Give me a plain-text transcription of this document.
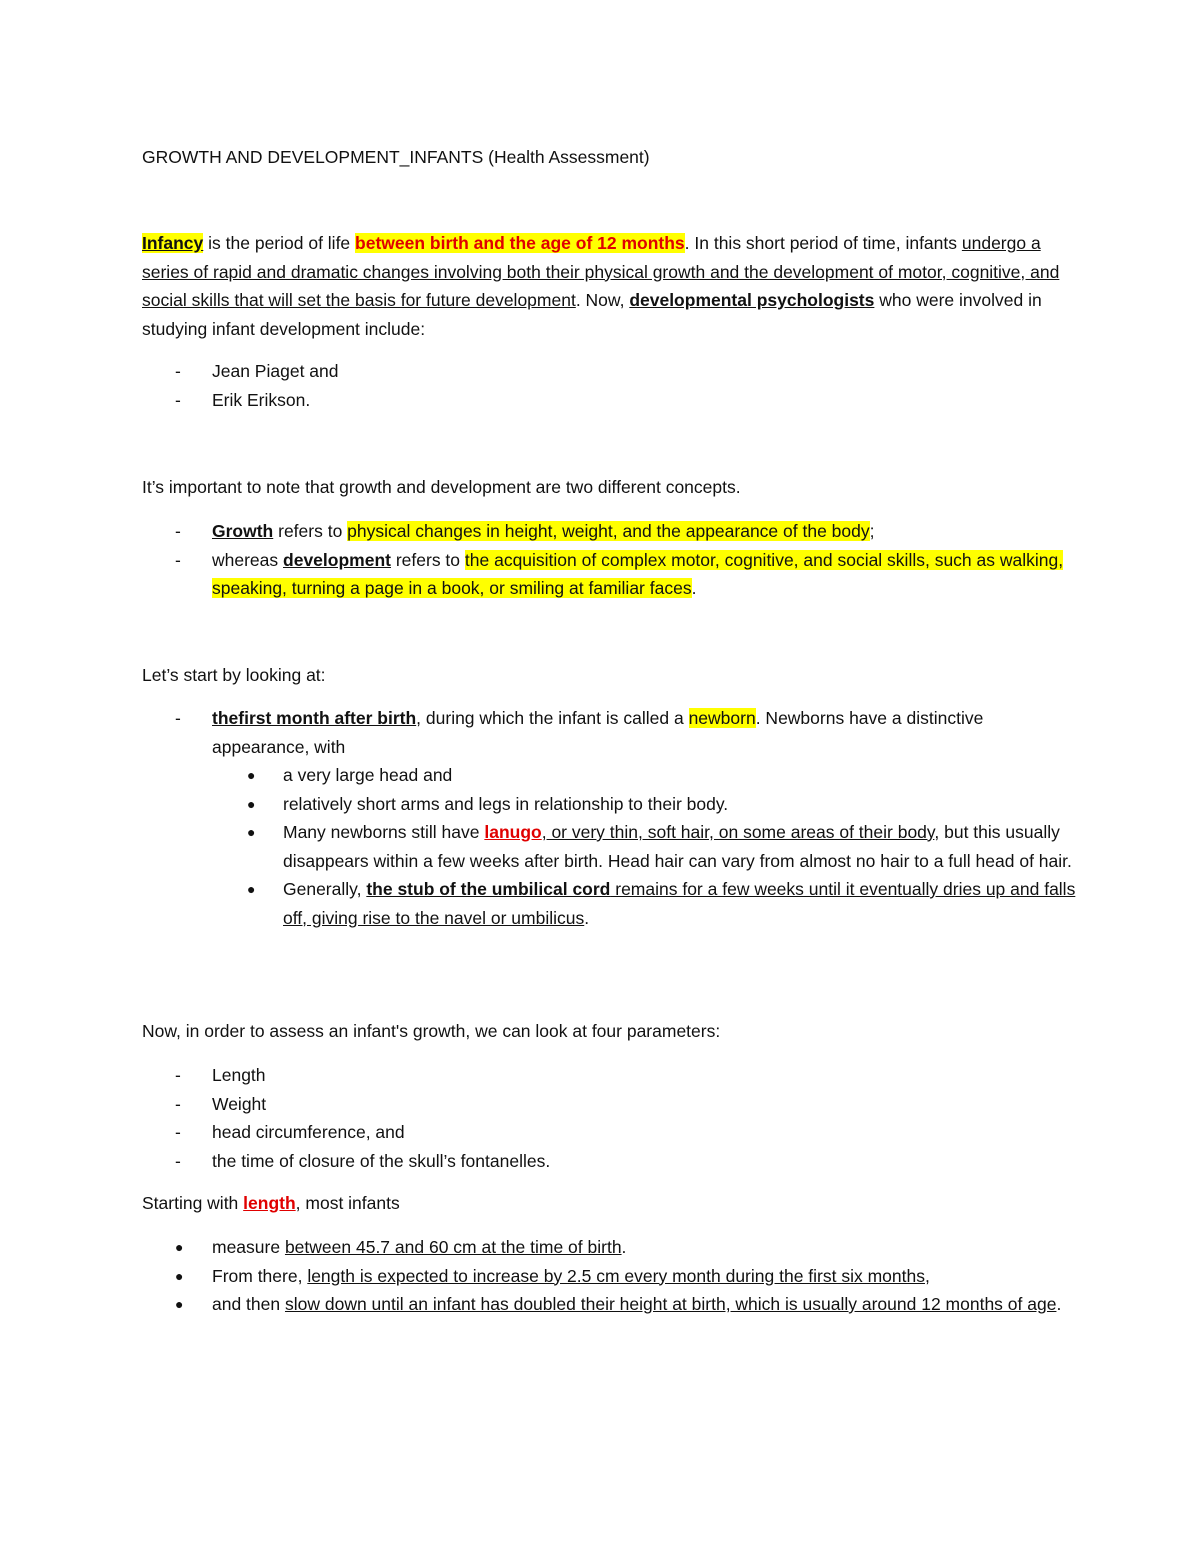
GROWTH AND DEVELOPMENT_INFANTS (Health Assessment)

Infancy is the period of life between birth and the age of 12 months. In this short period of time, infants undergo a series of rapid and dramatic changes involving both their physical growth and the development of motor, cognitive, and social skills that will set the basis for future development. Now, developmental psychologists who were involved in studying infant development include:

- Jean Piaget and
- Erik Erikson.

It’s important to note that growth and development are two different concepts.

- Growth refers to physical changes in height, weight, and the appearance of the body;
- whereas development refers to the acquisition of complex motor, cognitive, and social skills, such as walking, speaking, turning a page in a book, or smiling at familiar faces.

Let’s start by looking at:

- thefirst month after birth, during which the infant is called a newborn. Newborns have a distinctive appearance, with
● a very large head and
● relatively short arms and legs in relationship to their body.
● Many newborns still have lanugo, or very thin, soft hair, on some areas of their body, but this usually disappears within a few weeks after birth. Head hair can vary from almost no hair to a full head of hair.
● Generally, the stub of the umbilical cord remains for a few weeks until it eventually dries up and falls off, giving rise to the navel or umbilicus.

Now, in order to assess an infant's growth, we can look at four parameters:

- Length
- Weight
- head circumference, and
- the time of closure of the skull’s fontanelles.

Starting with length, most infants

● measure between 45.7 and 60 cm at the time of birth.
● From there, length is expected to increase by 2.5 cm every month during the first six months,
● and then slow down until an infant has doubled their height at birth, which is usually around 12 months of age.
